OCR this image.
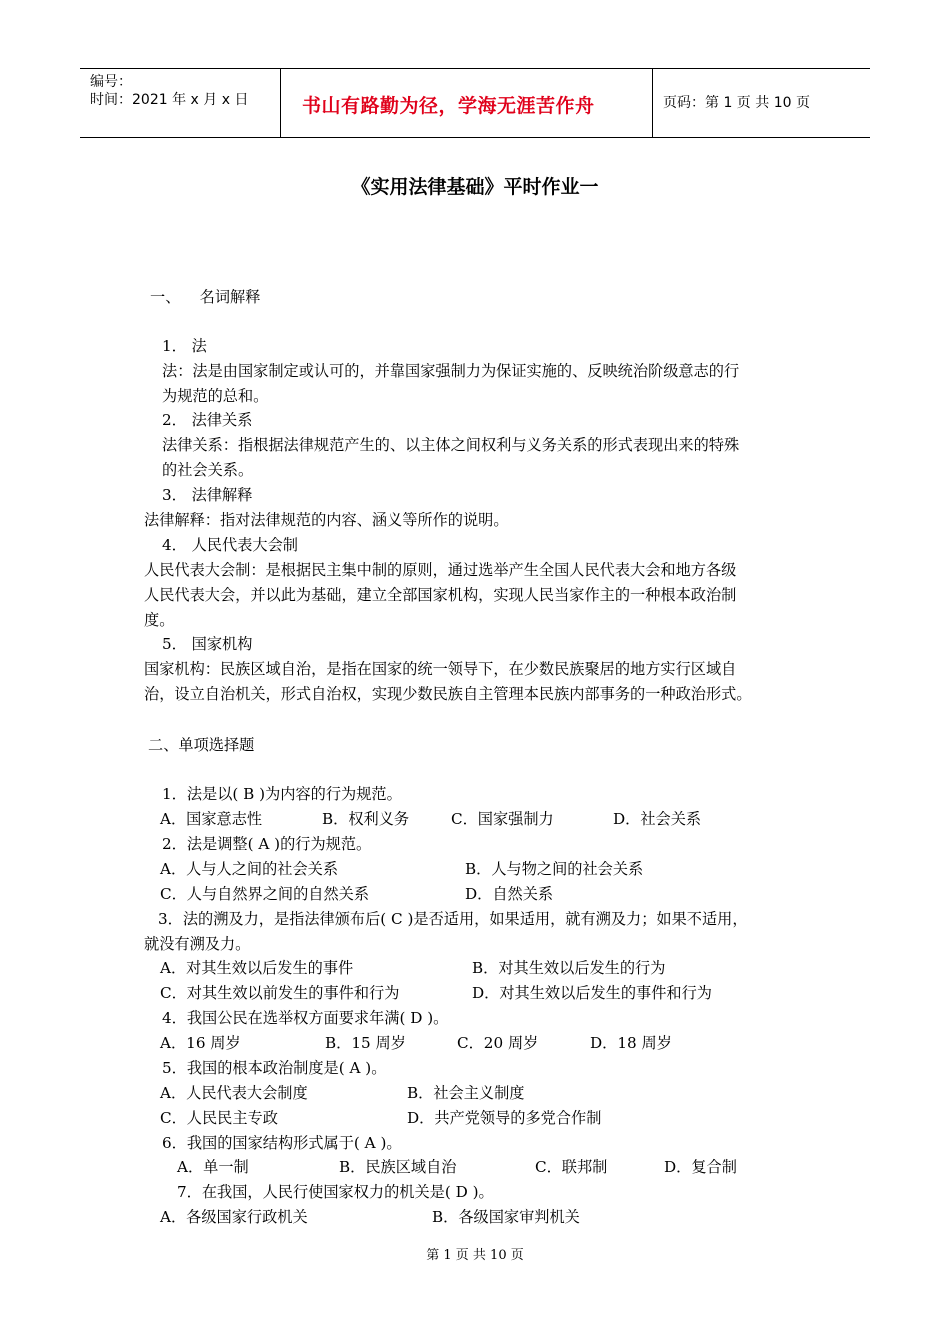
编号：
时间：2021 年 x 月 x 日	书山有路勤为径，学海无涯苦作舟	页码：第 1 页 共 10 页
《实用法律基础》平时作业一
一、    名词解释
1． 法
法：法是由国家制定或认可的，并靠国家强制力为保证实施的、反映统治阶级意志的行
为规范的总和。
2． 法律关系
法律关系：指根据法律规范产生的、以主体之间权利与义务关系的形式表现出来的特殊
的社会关系。
3． 法律解释
法律解释：指对法律规范的内容、涵义等所作的说明。
4． 人民代表大会制
人民代表大会制：是根据民主集中制的原则，通过选举产生全国人民代表大会和地方各级
人民代表大会，并以此为基础，建立全部国家机构，实现人民当家作主的一种根本政治制
度。
5． 国家机构
国家机构：民族区域自治，是指在国家的统一领导下，在少数民族聚居的地方实行区域自
治，设立自治机关，形式自治权，实现少数民族自主管理本民族内部事务的一种政治形式。
二、单项选择题
1．法是以( B )为内容的行为规范。
A．国家意志性	B．权利义务	C．国家强制力	D．社会关系
2．法是调整( A )的行为规范。
A．人与人之间的社会关系	B．人与物之间的社会关系
C．人与自然界之间的自然关系	D．自然关系
3．法的溯及力，是指法律颁布后( C )是否适用，如果适用，就有溯及力；如果不适用，
就没有溯及力。
A．对其生效以后发生的事件	B．对其生效以后发生的行为
C．对其生效以前发生的事件和行为	D．对其生效以后发生的事件和行为
4．我国公民在选举权方面要求年满( D )。
A．16 周岁	B．15 周岁	C．20 周岁	D．18 周岁
5．我国的根本政治制度是( A )。
A．人民代表大会制度	B．社会主义制度
C．人民民主专政	D．共产党领导的多党合作制
6．我国的国家结构形式属于( A )。
A．单一制	B．民族区域自治	C．联邦制	D．复合制
7．在我国，人民行使国家权力的机关是( D )。
A．各级国家行政机关	B．各级国家审判机关
第 1 页 共 10 页
